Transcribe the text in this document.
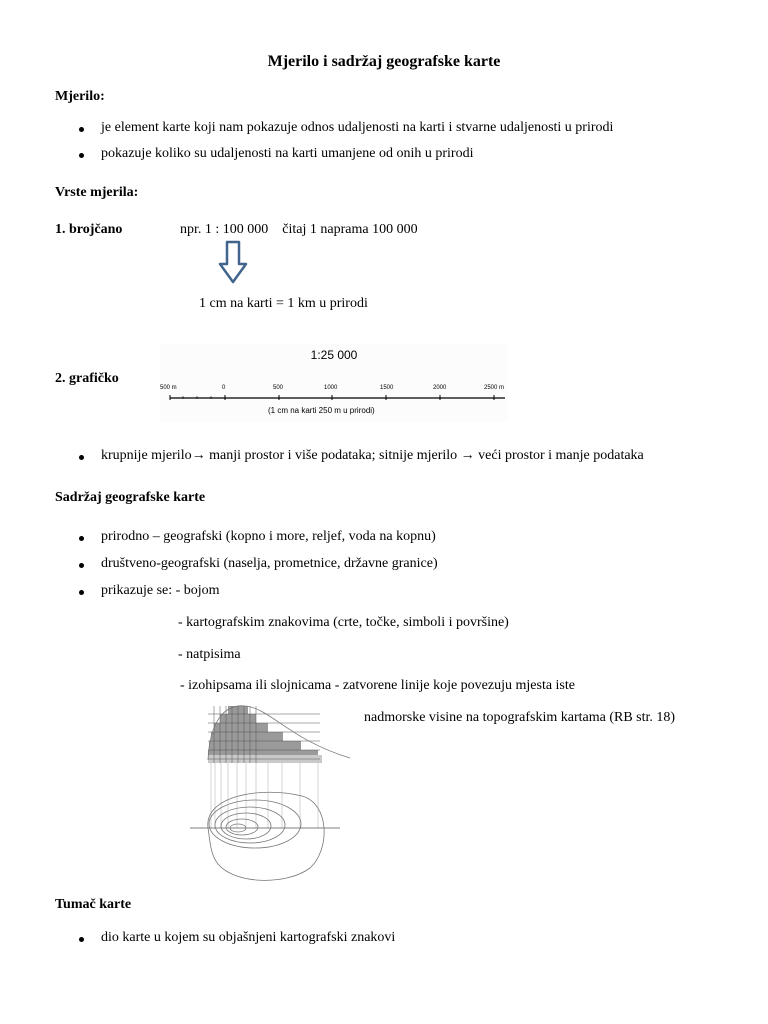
Mjerilo i sadržaj geografske karte
Mjerilo:
je element karte koji nam pokazuje odnos udaljenosti na karti i stvarne udaljenosti u prirodi
pokazuje koliko su udaljenosti na karti umanjene od onih u prirodi
Vrste mjerila:
1. brojčano	npr. 1 : 100 000    čitaj 1 naprama 100 000
1 cm na karti = 1 km u prirodi
2. grafičko
1:25 000
500 m	0	500	1000	1500	2000	2500 m
(1 cm na karti 250 m u prirodi)
krupnije mjerilo→ manji prostor i više podataka; sitnije mjerilo → veći prostor i manje podataka
Sadržaj geografske karte
prirodno – geografski (kopno i more, reljef, voda na kopnu)
društveno-geografski (naselja, prometnice, državne granice)
prikazuje se: - bojom
- kartografskim znakovima (crte, točke, simboli i površine)
- natpisima
- izohipsama ili slojnicama - zatvorene linije koje povezuju mjesta iste
nadmorske visine na topografskim kartama (RB str. 18)
Tumač karte
dio karte u kojem su objašnjeni kartografski znakovi
